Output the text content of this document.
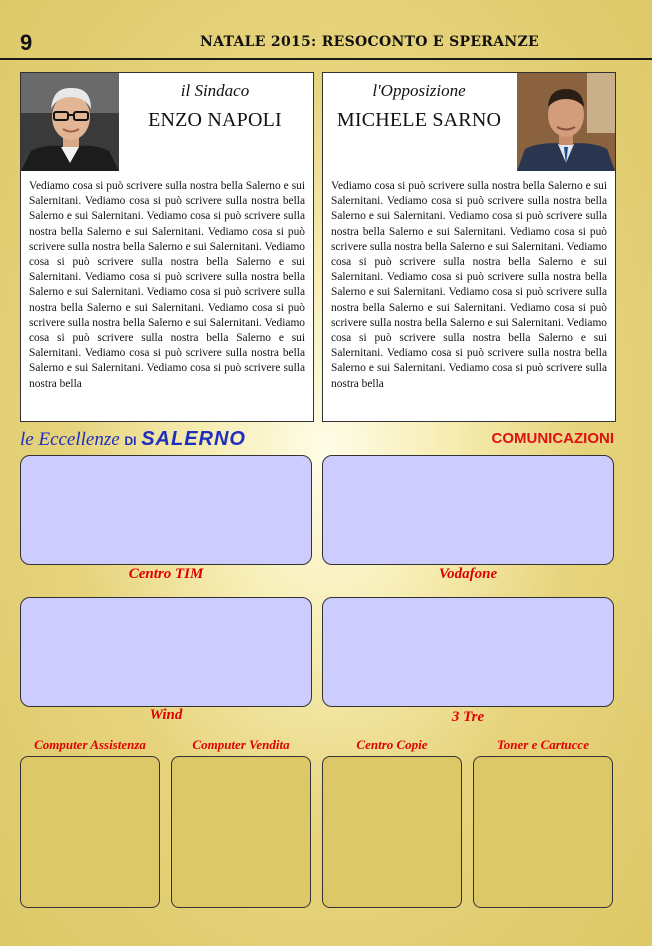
9	NATALE 2015: RESOCONTO E SPERANZE
il Sindaco
ENZO NAPOLI

Vediamo cosa si può scrivere sulla nostra bella Salerno e sui Salernitani. Vediamo cosa si può scrivere sulla nostra bella Salerno e sui Salernitani. Vediamo cosa si può scrivere sulla nostra bella Salerno e sui Salernitani. Vediamo cosa si può scrivere sulla nostra bella Salerno e sui Salernitani. Vediamo cosa si può scrivere sulla nostra bella Salerno e sui Salernitani. Vediamo cosa si può scrivere sulla nostra bella Salerno e sui Salernitani. Vediamo cosa si può scrivere sulla nostra bella Salerno e sui Salernitani. Vediamo cosa si può scrivere sulla nostra bella Salerno e sui Salernitani. Vediamo cosa si può scrivere sulla nostra bella Salerno e sui Salernitani. Vediamo cosa si può scrivere sulla nostra bella Salerno e sui Salernitani. Vediamo cosa si può scrivere sulla nostra bella

l'Opposizione
MICHELE SARNO

Vediamo cosa si può scrivere sulla nostra bella Salerno e sui Salernitani. Vediamo cosa si può scrivere sulla nostra bella Salerno e sui Salernitani. Vediamo cosa si può scrivere sulla nostra bella Salerno e sui Salernitani. Vediamo cosa si può scrivere sulla nostra bella Salerno e sui Salernitani. Vediamo cosa si può scrivere sulla nostra bella Salerno e sui Salernitani. Vediamo cosa si può scrivere sulla nostra bella Salerno e sui Salernitani. Vediamo cosa si può scrivere sulla nostra bella Salerno e sui Salernitani. Vediamo cosa si può scrivere sulla nostra bella Salerno e sui Salernitani. Vediamo cosa si può scrivere sulla nostra bella Salerno e sui Salernitani. Vediamo cosa si può scrivere sulla nostra bella Salerno e sui Salernitani. Vediamo cosa si può scrivere sulla nostra bella

le Eccellenze DI SALERNO	COMUNICAZIONI
Centro TIM	Vodafone
Wind	3 Tre
Computer Assistenza	Computer Vendita	Centro Copie	Toner e Cartucce
